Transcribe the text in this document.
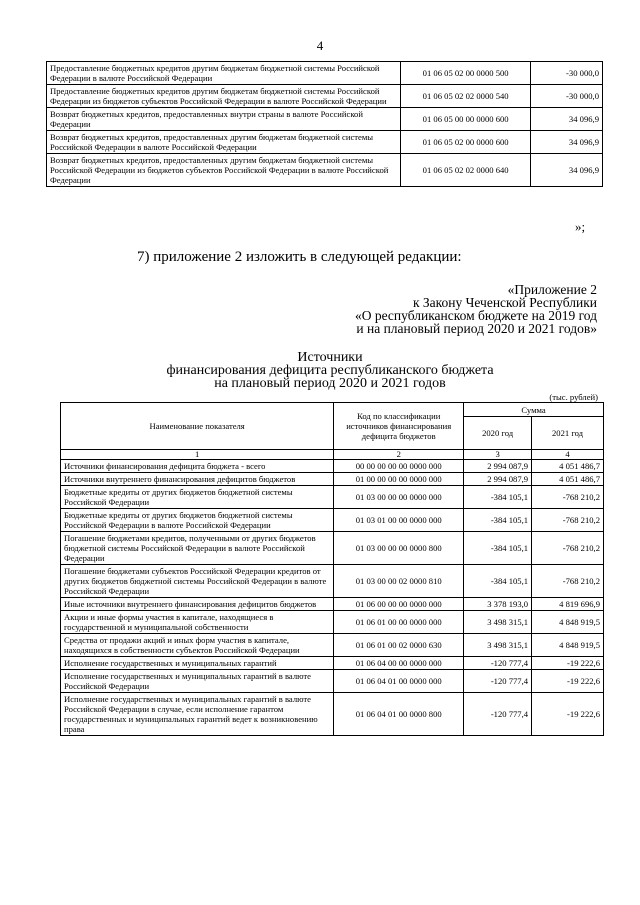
4
Предоставление бюджетных кредитов другим бюджетам бюджетной системы Российской Федерации в валюте Российской Федерации	01 06 05 02 00 0000 500	-30 000,0
Предоставление бюджетных кредитов другим бюджетам бюджетной системы Российской Федерации из бюджетов субъектов Российской Федерации в валюте Российской Федерации	01 06 05 02 02 0000 540	-30 000,0
Возврат бюджетных кредитов, предоставленных внутри страны в валюте Российской Федерации	01 06 05 00 00 0000 600	34 096,9
Возврат бюджетных кредитов, предоставленных другим бюджетам бюджетной системы Российской Федерации в валюте Российской Федерации	01 06 05 02 00 0000 600	34 096,9
Возврат бюджетных кредитов, предоставленных другим бюджетам бюджетной системы Российской Федерации из бюджетов субъектов Российской Федерации в валюте Российской Федерации	01 06 05 02 02 0000 640	34 096,9
»;
7) приложение 2 изложить в следующей редакции:
«Приложение 2
к Закону Чеченской Республики
«О республиканском бюджете на 2019 год
и на плановый период 2020 и 2021 годов»
Источники
финансирования дефицита республиканского бюджета
на плановый период 2020 и 2021 годов
(тыс. рублей)
Наименование показателя	Код по классификации источников финансирования дефицита бюджетов	Сумма	
		2020 год	2021 год
1	2	3	4
Источники финансирования дефицита бюджета - всего	00 00 00 00 00 0000 000	2 994 087,9	4 051 486,7
Источники внутреннего финансирования дефицитов бюджетов	01 00 00 00 00 0000 000	2 994 087,9	4 051 486,7
Бюджетные кредиты от других бюджетов бюджетной системы Российской Федерации	01 03 00 00 00 0000 000	-384 105,1	-768 210,2
Бюджетные кредиты от других бюджетов бюджетной системы Российской Федерации в валюте Российской Федерации	01 03 01 00 00 0000 000	-384 105,1	-768 210,2
Погашение бюджетами кредитов, полученными от других бюджетов бюджетной системы Российской Федерации в валюте Российской Федерации	01 03 00 00 00 0000 800	-384 105,1	-768 210,2
Погашение бюджетами субъектов Российской Федерации кредитов от других бюджетов бюджетной системы Российской Федерации в валюте Российской Федерации	01 03 00 00 02 0000 810	-384 105,1	-768 210,2
Иные источники внутреннего финансирования дефицитов бюджетов	01 06 00 00 00 0000 000	3 378 193,0	4 819 696,9
Акции и иные формы участия в капитале, находящиеся в государственной и муниципальной собственности	01 06 01 00 00 0000 000	3 498 315,1	4 848 919,5
Средства от продажи акций и иных форм участия в капитале, находящихся в собственности субъектов Российской Федерации	01 06 01 00 02 0000 630	3 498 315,1	4 848 919,5
Исполнение государственных и муниципальных гарантий	01 06 04 00 00 0000 000	-120 777,4	-19 222,6
Исполнение государственных и муниципальных гарантий в валюте Российской Федерации	01 06 04 01 00 0000 000	-120 777,4	-19 222,6
Исполнение государственных и муниципальных гарантий в валюте Российской Федерации в случае, если исполнение гарантом государственных и муниципальных гарантий ведет к возникновению права	01 06 04 01 00 0000 800	-120 777,4	-19 222,6
